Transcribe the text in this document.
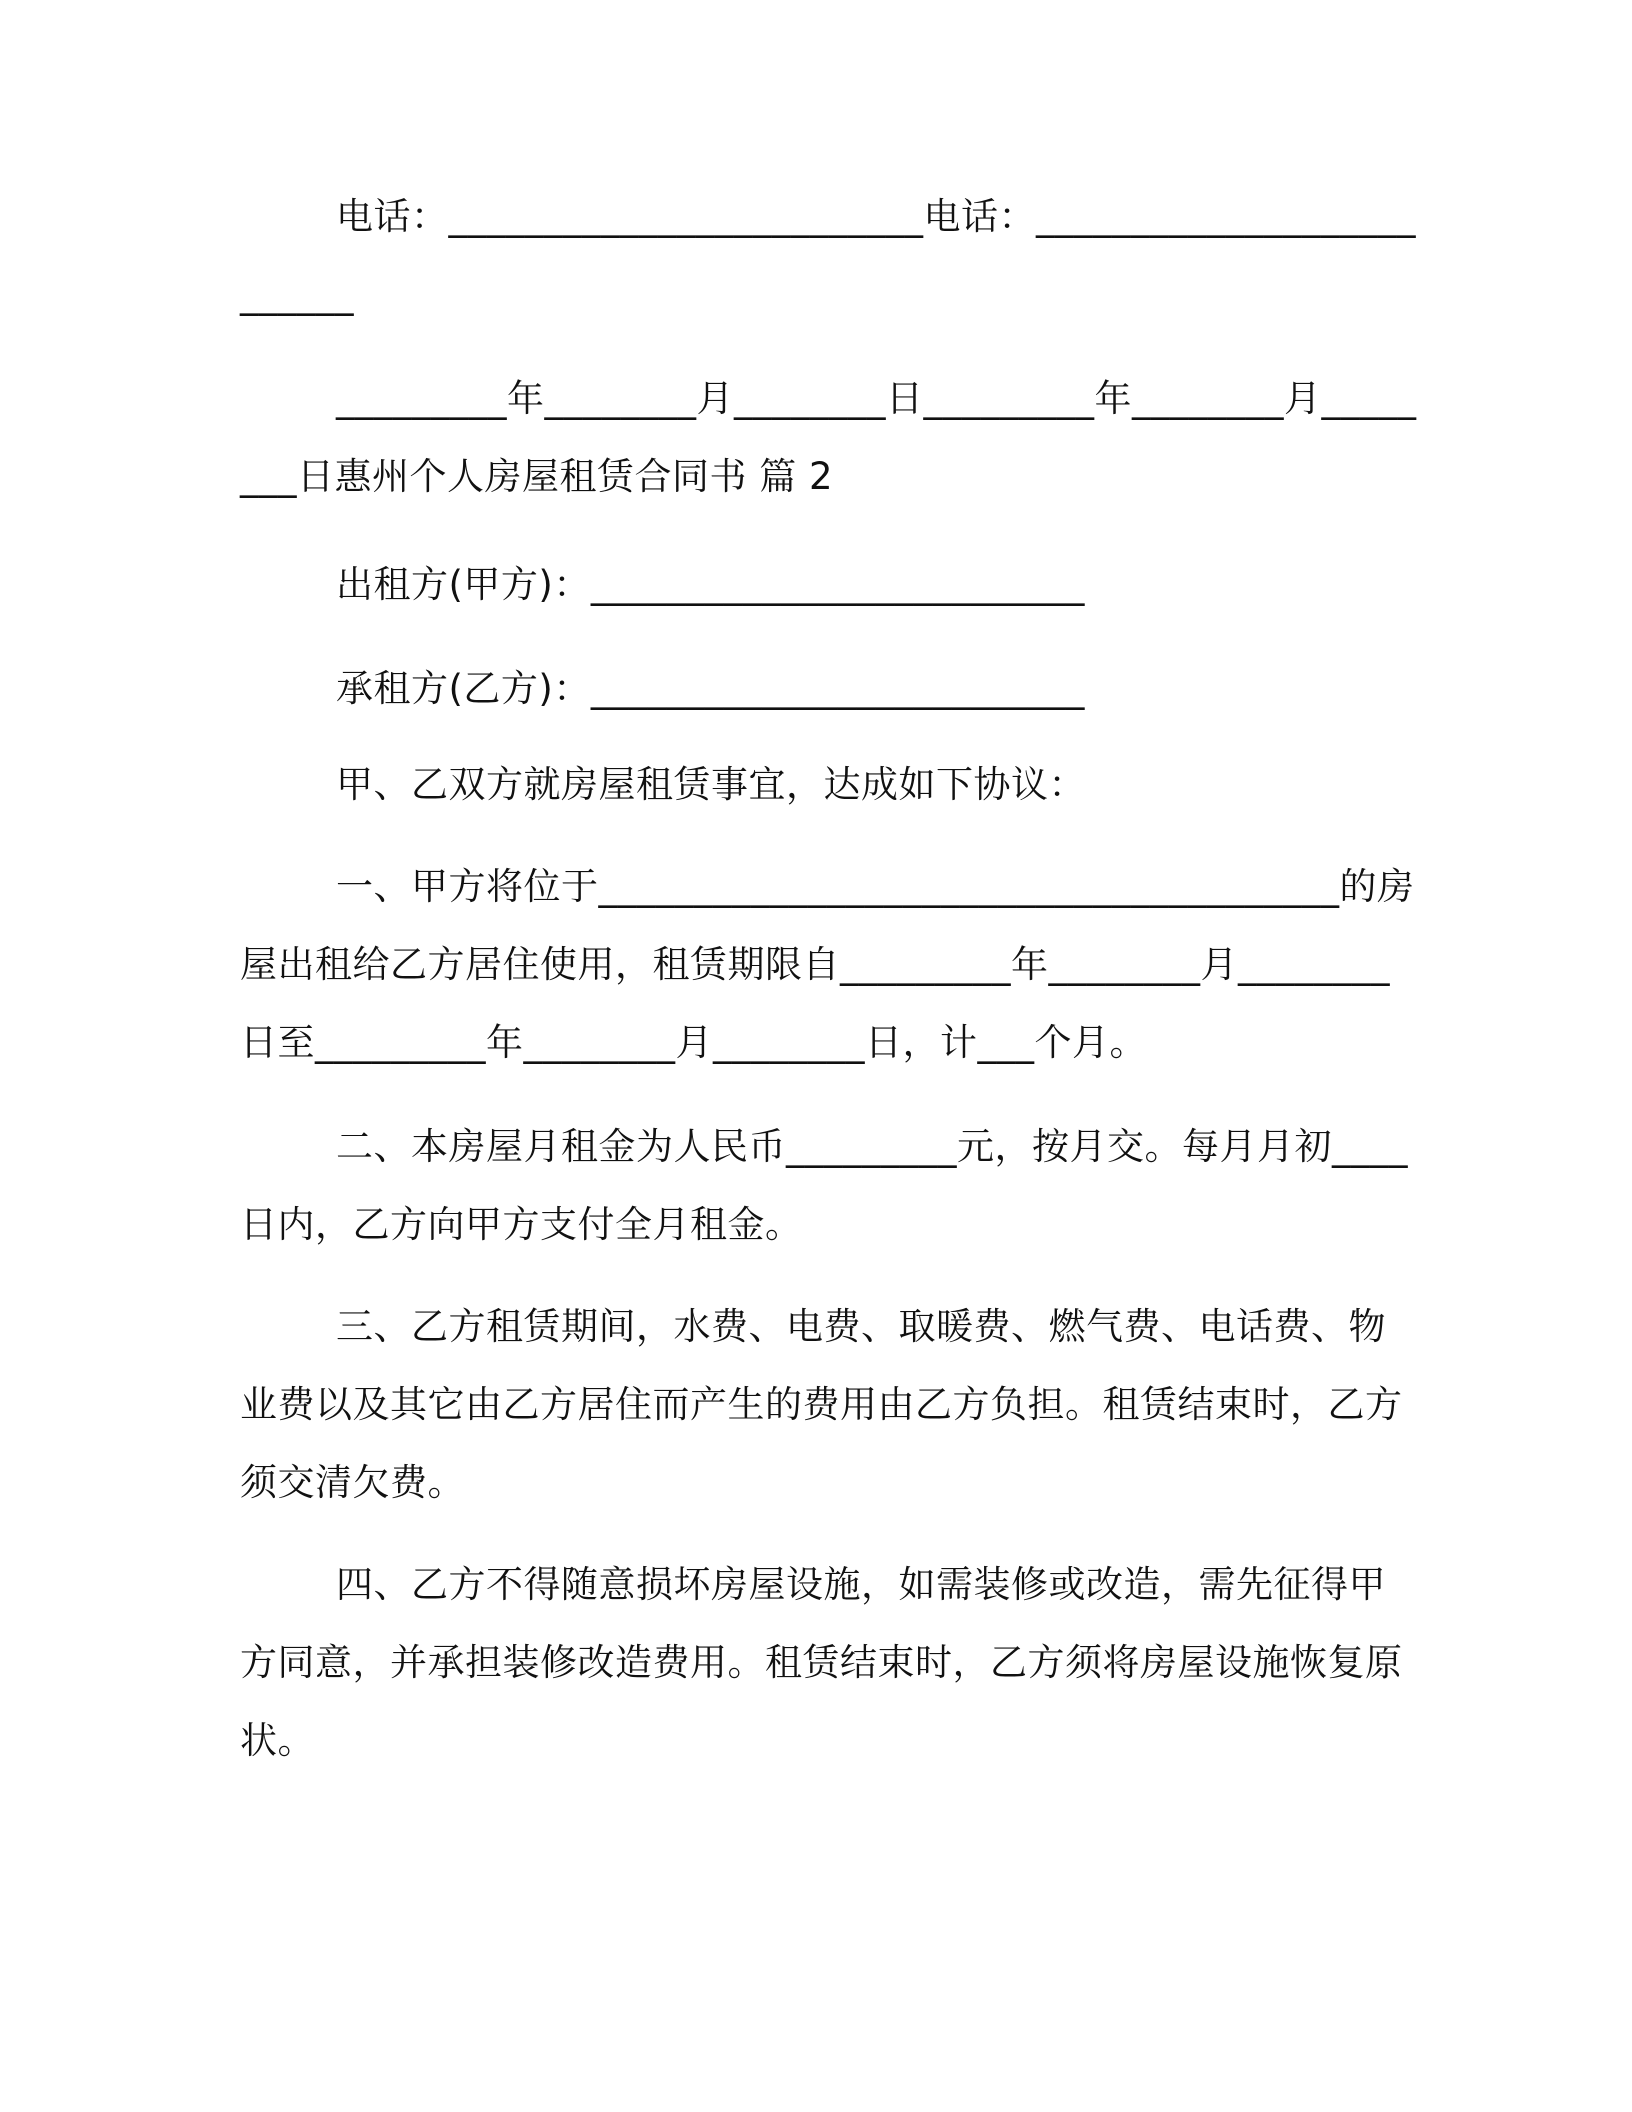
电话：_________________________电话：__________________________

_________年________月________日_________年________月________日惠州个人房屋租赁合同书 篇 2

出租方(甲方)：__________________________

承租方(乙方)：__________________________

甲、乙双方就房屋租赁事宜，达成如下协议：

一、甲方将位于_______________________________________的房屋出租给乙方居住使用，租赁期限自_________年________月________日至_________年________月________日，计___个月。

二、本房屋月租金为人民币_________元，按月交。每月月初____日内，乙方向甲方支付全月租金。

三、乙方租赁期间，水费、电费、取暖费、燃气费、电话费、物业费以及其它由乙方居住而产生的费用由乙方负担。租赁结束时，乙方须交清欠费。

四、乙方不得随意损坏房屋设施，如需装修或改造，需先征得甲方同意，并承担装修改造费用。租赁结束时，乙方须将房屋设施恢复原状。
